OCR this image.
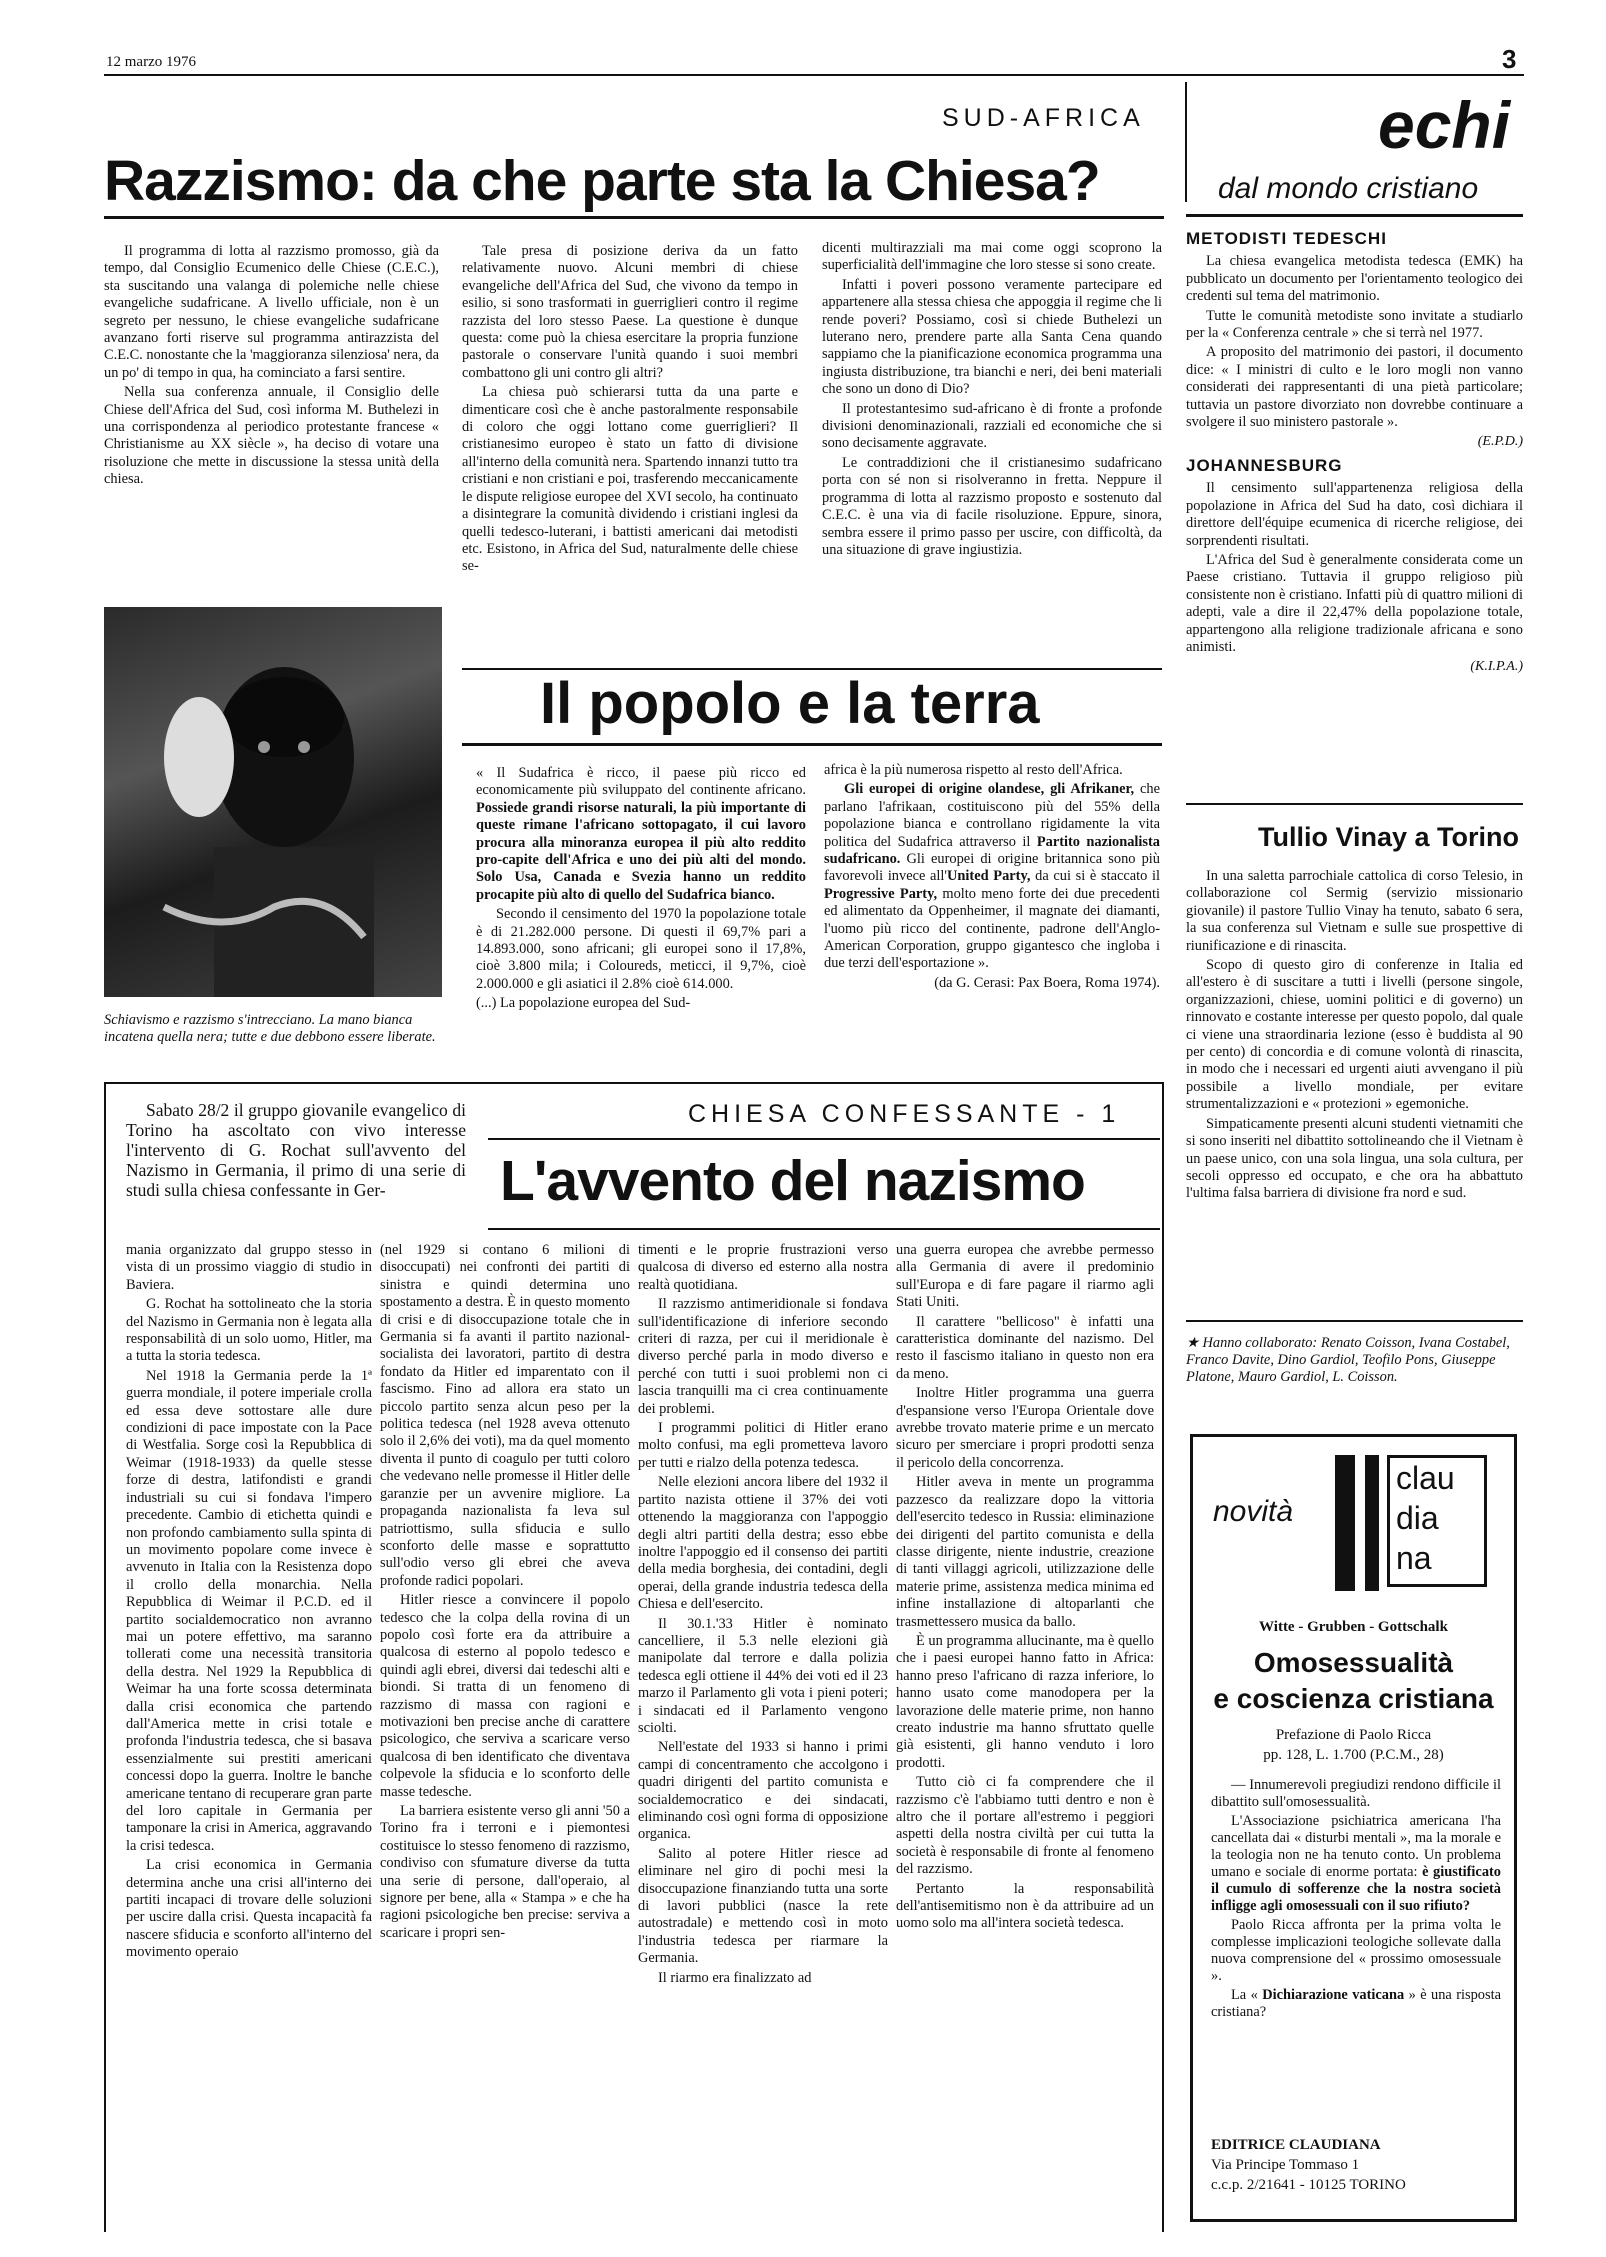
12 marzo 1976	3
SUD-AFRICA
Razzismo: da che parte sta la Chiesa?

Il programma di lotta al razzismo promosso, già da tempo, dal Consiglio Ecumenico delle Chiese (C.E.C.), sta suscitando una valanga di polemiche nelle chiese evangeliche sudafricane. A livello ufficiale, non è un segreto per nessuno, le chiese evangeliche sudafricane avanzano forti riserve sul programma antirazzista del C.E.C. nonostante che la 'maggioranza silenziosa' nera, da un po' di tempo in qua, ha cominciato a farsi sentire.

Nella sua conferenza annuale, il Consiglio delle Chiese dell'Africa del Sud, così informa M. Buthelezi in una corrispondenza al periodico protestante francese « Christianisme au XX siècle », ha deciso di votare una risoluzione che mette in discussione la stessa unità della chiesa.

Tale presa di posizione deriva da un fatto relativamente nuovo. Alcuni membri di chiese evangeliche dell'Africa del Sud, che vivono da tempo in esilio, si sono trasformati in guerriglieri contro il regime razzista del loro stesso Paese. La questione è dunque questa: come può la chiesa esercitare la propria funzione pastorale o conservare l'unità quando i suoi membri combattono gli uni contro gli altri?

La chiesa può schierarsi tutta da una parte e dimenticare così che è anche pastoralmente responsabile di coloro che oggi lottano come guerriglieri? Il cristianesimo europeo è stato un fatto di divisione all'interno della comunità nera. Spartendo innanzi tutto tra cristiani e non cristiani e poi, trasferendo meccanicamente le dispute religiose europee del XVI secolo, ha continuato a disintegrare la comunità dividendo i cristiani inglesi da quelli tedesco-luterani, i battisti americani dai metodisti etc. Esistono, in Africa del Sud, naturalmente delle chiese se-

dicenti multirazziali ma mai come oggi scoprono la superficialità dell'immagine che loro stesse si sono create.

Infatti i poveri possono veramente partecipare ed appartenere alla stessa chiesa che appoggia il regime che li rende poveri? Possiamo, così si chiede Buthelezi un luterano nero, prendere parte alla Santa Cena quando sappiamo che la pianificazione economica programma una ingiusta distribuzione, tra bianchi e neri, dei beni materiali che sono un dono di Dio?

Il protestantesimo sud-africano è di fronte a profonde divisioni denominazionali, razziali ed economiche che si sono decisamente aggravate.

Le contraddizioni che il cristianesimo sudafricano porta con sé non si risolveranno in fretta. Neppure il programma di lotta al razzismo proposto e sostenuto dal C.E.C. è una via di facile risoluzione. Eppure, sinora, sembra essere il primo passo per uscire, con difficoltà, da una situazione di grave ingiustizia.

Schiavismo e razzismo s'intrecciano. La mano bianca incatena quella nera; tutte e due debbono essere liberate.
Il popolo e la terra

« Il Sudafrica è ricco, il paese più ricco ed economicamente più sviluppato del continente africano. Possiede grandi risorse naturali, la più importante di queste rimane l'africano sottopagato, il cui lavoro procura alla minoranza europea il più alto reddito pro-capite dell'Africa e uno dei più alti del mondo. Solo Usa, Canada e Svezia hanno un reddito procapite più alto di quello del Sudafrica bianco.

Secondo il censimento del 1970 la popolazione totale è di 21.282.000 persone. Di questi il 69,7% pari a 14.893.000, sono africani; gli europei sono il 17,8%, cioè 3.800 mila; i Coloureds, meticci, il 9,7%, cioè 2.000.000 e gli asiatici il 2.8% cioè 614.000.

(...) La popolazione europea del Sud-

africa è la più numerosa rispetto al resto dell'Africa.

Gli europei di origine olandese, gli Afrikaner, che parlano l'afrikaan, costituiscono più del 55% della popolazione bianca e controllano rigidamente la vita politica del Sudafrica attraverso il Partito nazionalista sudafricano. Gli europei di origine britannica sono più favorevoli invece all'United Party, da cui si è staccato il Progressive Party, molto meno forte dei due precedenti ed alimentato da Oppenheimer, il magnate dei diamanti, l'uomo più ricco del continente, padrone dell'Anglo-American Corporation, gruppo gigantesco che ingloba i due terzi dell'esportazione ».

(da G. Cerasi: Pax Boera, Roma 1974).

echi
dal mondo cristiano
METODISTI TEDESCHI

La chiesa evangelica metodista tedesca (EMK) ha pubblicato un documento per l'orientamento teologico dei credenti sul tema del matrimonio.

Tutte le comunità metodiste sono invitate a studiarlo per la « Conferenza centrale » che si terrà nel 1977.

A proposito del matrimonio dei pastori, il documento dice: « I ministri di culto e le loro mogli non vanno considerati dei rappresentanti di una pietà particolare; tuttavia un pastore divorziato non dovrebbe continuare a svolgere il suo ministero pastorale ».

(E.P.D.)
JOHANNESBURG

Il censimento sull'appartenenza religiosa della popolazione in Africa del Sud ha dato, così dichiara il direttore dell'équipe ecumenica di ricerche religiose, dei sorprendenti risultati.

L'Africa del Sud è generalmente considerata come un Paese cristiano. Tuttavia il gruppo religioso più consistente non è cristiano. Infatti più di quattro milioni di adepti, vale a dire il 22,47% della popolazione totale, appartengono alla religione tradizionale africana e sono animisti.

(K.I.P.A.)
Tullio Vinay a Torino

In una saletta parrochiale cattolica di corso Telesio, in collaborazione col Sermig (servizio missionario giovanile) il pastore Tullio Vinay ha tenuto, sabato 6 sera, la sua conferenza sul Vietnam e sulle sue prospettive di riunificazione e di rinascita.

Scopo di questo giro di conferenze in Italia ed all'estero è di suscitare a tutti i livelli (persone singole, organizzazioni, chiese, uomini politici e di governo) un rinnovato e costante interesse per questo popolo, dal quale ci viene una straordinaria lezione (esso è buddista al 90 per cento) di concordia e di comune volontà di rinascita, in modo che i necessari ed urgenti aiuti avvengano il più possibile a livello mondiale, per evitare strumentalizzazioni e « protezioni » egemoniche.

Simpaticamente presenti alcuni studenti vietnamiti che si sono inseriti nel dibattito sottolineando che il Vietnam è un paese unico, con una sola lingua, una sola cultura, per secoli oppresso ed occupato, e che ora ha abbattuto l'ultima falsa barriera di divisione fra nord e sud.

★ Hanno collaborato: Renato Coisson, Ivana Costabel, Franco Davite, Dino Gardiol, Teofilo Pons, Giuseppe Platone, Mauro Gardiol, L. Coisson.
novità
clau
dia
na
Witte - Grubben - Gottschalk
Omosessualità
e coscienza cristiana
Prefazione di Paolo Ricca
pp. 128, L. 1.700 (P.C.M., 28)

— Innumerevoli pregiudizi rendono difficile il dibattito sull'omosessualità.

L'Associazione psichiatrica americana l'ha cancellata dai « disturbi mentali », ma la morale e la teologia non ne ha tenuto conto. Un problema umano e sociale di enorme portata: è giustificato il cumulo di sofferenze che la nostra società infligge agli omosessuali con il suo rifiuto?

Paolo Ricca affronta per la prima volta le complesse implicazioni teologiche sollevate dalla nuova comprensione del « prossimo omosessuale ».

La « Dichiarazione vaticana » è una risposta cristiana?

EDITRICE CLAUDIANA
Via Principe Tommaso 1
c.c.p. 2/21641 - 10125 TORINO
CHIESA CONFESSANTE - 1
L'avvento del nazismo
Sabato 28/2 il gruppo giovanile evangelico di Torino ha ascoltato con vivo interesse l'intervento di G. Rochat sull'avvento del Nazismo in Germania, il primo di una serie di studi sulla chiesa confessante in Ger-

mania organizzato dal gruppo stesso in vista di un prossimo viaggio di studio in Baviera.

G. Rochat ha sottolineato che la storia del Nazismo in Germania non è legata alla responsabilità di un solo uomo, Hitler, ma a tutta la storia tedesca.

Nel 1918 la Germania perde la 1ª guerra mondiale, il potere imperiale crolla ed essa deve sottostare alle dure condizioni di pace impostate con la Pace di Westfalia. Sorge così la Repubblica di Weimar (1918-1933) da quelle stesse forze di destra, latifondisti e grandi industriali su cui si fondava l'impero precedente. Cambio di etichetta quindi e non profondo cambiamento sulla spinta di un movimento popolare come invece è avvenuto in Italia con la Resistenza dopo il crollo della monarchia. Nella Repubblica di Weimar il P.C.D. ed il partito socialdemocratico non avranno mai un potere effettivo, ma saranno tollerati come una necessità transitoria della destra. Nel 1929 la Repubblica di Weimar ha una forte scossa determinata dalla crisi economica che partendo dall'America mette in crisi totale e profonda l'industria tedesca, che si basava essenzialmente sui prestiti americani concessi dopo la guerra. Inoltre le banche americane tentano di recuperare gran parte del loro capitale in Germania per tamponare la crisi in America, aggravando la crisi tedesca.

La crisi economica in Germania determina anche una crisi all'interno dei partiti incapaci di trovare delle soluzioni per uscire dalla crisi. Questa incapacità fa nascere sfiducia e sconforto all'interno del movimento operaio

(nel 1929 si contano 6 milioni di disoccupati) nei confronti dei partiti di sinistra e quindi determina uno spostamento a destra. È in questo momento di crisi e di disoccupazione totale che in Germania si fa avanti il partito nazional-socialista dei lavoratori, partito di destra fondato da Hitler ed imparentato con il fascismo. Fino ad allora era stato un piccolo partito senza alcun peso per la politica tedesca (nel 1928 aveva ottenuto solo il 2,6% dei voti), ma da quel momento diventa il punto di coagulo per tutti coloro che vedevano nelle promesse il Hitler delle garanzie per un avvenire migliore. La propaganda nazionalista fa leva sul patriottismo, sulla sfiducia e sullo sconforto delle masse e soprattutto sull'odio verso gli ebrei che aveva profonde radici popolari.

Hitler riesce a convincere il popolo tedesco che la colpa della rovina di un popolo così forte era da attribuire a qualcosa di esterno al popolo tedesco e quindi agli ebrei, diversi dai tedeschi alti e biondi. Si tratta di un fenomeno di razzismo di massa con ragioni e motivazioni ben precise anche di carattere psicologico, che serviva a scaricare verso qualcosa di ben identificato che diventava colpevole la sfiducia e lo sconforto delle masse tedesche.

La barriera esistente verso gli anni '50 a Torino fra i terroni e i piemontesi costituisce lo stesso fenomeno di razzismo, condiviso con sfumature diverse da tutta una serie di persone, dall'operaio, al signore per bene, alla « Stampa » e che ha ragioni psicologiche ben precise: serviva a scaricare i propri sen-

timenti e le proprie frustrazioni verso qualcosa di diverso ed esterno alla nostra realtà quotidiana.

Il razzismo antimeridionale si fondava sull'identificazione di inferiore secondo criteri di razza, per cui il meridionale è diverso perché parla in modo diverso e perché con tutti i suoi problemi non ci lascia tranquilli ma ci crea continuamente dei problemi.

I programmi politici di Hitler erano molto confusi, ma egli prometteva lavoro per tutti e rialzo della potenza tedesca.

Nelle elezioni ancora libere del 1932 il partito nazista ottiene il 37% dei voti ottenendo la maggioranza con l'appoggio degli altri partiti della destra; esso ebbe inoltre l'appoggio ed il consenso dei partiti della media borghesia, dei contadini, degli operai, della grande industria tedesca della Chiesa e dell'esercito.

Il 30.1.'33 Hitler è nominato cancelliere, il 5.3 nelle elezioni già manipolate dal terrore e dalla polizia tedesca egli ottiene il 44% dei voti ed il 23 marzo il Parlamento gli vota i pieni poteri; i sindacati ed il Parlamento vengono sciolti.

Nell'estate del 1933 si hanno i primi campi di concentramento che accolgono i quadri dirigenti del partito comunista e socialdemocratico e dei sindacati, eliminando così ogni forma di opposizione organica.

Salito al potere Hitler riesce ad eliminare nel giro di pochi mesi la disoccupazione finanziando tutta una sorte di lavori pubblici (nasce la rete autostradale) e mettendo così in moto l'industria tedesca per riarmare la Germania.

Il riarmo era finalizzato ad

una guerra europea che avrebbe permesso alla Germania di avere il predominio sull'Europa e di fare pagare il riarmo agli Stati Uniti.

Il carattere "bellicoso" è infatti una caratteristica dominante del nazismo. Del resto il fascismo italiano in questo non era da meno.

Inoltre Hitler programma una guerra d'espansione verso l'Europa Orientale dove avrebbe trovato materie prime e un mercato sicuro per smerciare i propri prodotti senza il pericolo della concorrenza.

Hitler aveva in mente un programma pazzesco da realizzare dopo la vittoria dell'esercito tedesco in Russia: eliminazione dei dirigenti del partito comunista e della classe dirigente, niente industrie, creazione di tanti villaggi agricoli, utilizzazione delle materie prime, assistenza medica minima ed infine installazione di altoparlanti che trasmettessero musica da ballo.

È un programma allucinante, ma è quello che i paesi europei hanno fatto in Africa: hanno preso l'africano di razza inferiore, lo hanno usato come manodopera per la lavorazione delle materie prime, non hanno creato industrie ma hanno sfruttato quelle già esistenti, gli hanno venduto i loro prodotti.

Tutto ciò ci fa comprendere che il razzismo c'è l'abbiamo tutti dentro e non è altro che il portare all'estremo i peggiori aspetti della nostra civiltà per cui tutta la società è responsabile di fronte al fenomeno del razzismo.

Pertanto la responsabilità dell'antisemitismo non è da attribuire ad un uomo solo ma all'intera società tedesca.
